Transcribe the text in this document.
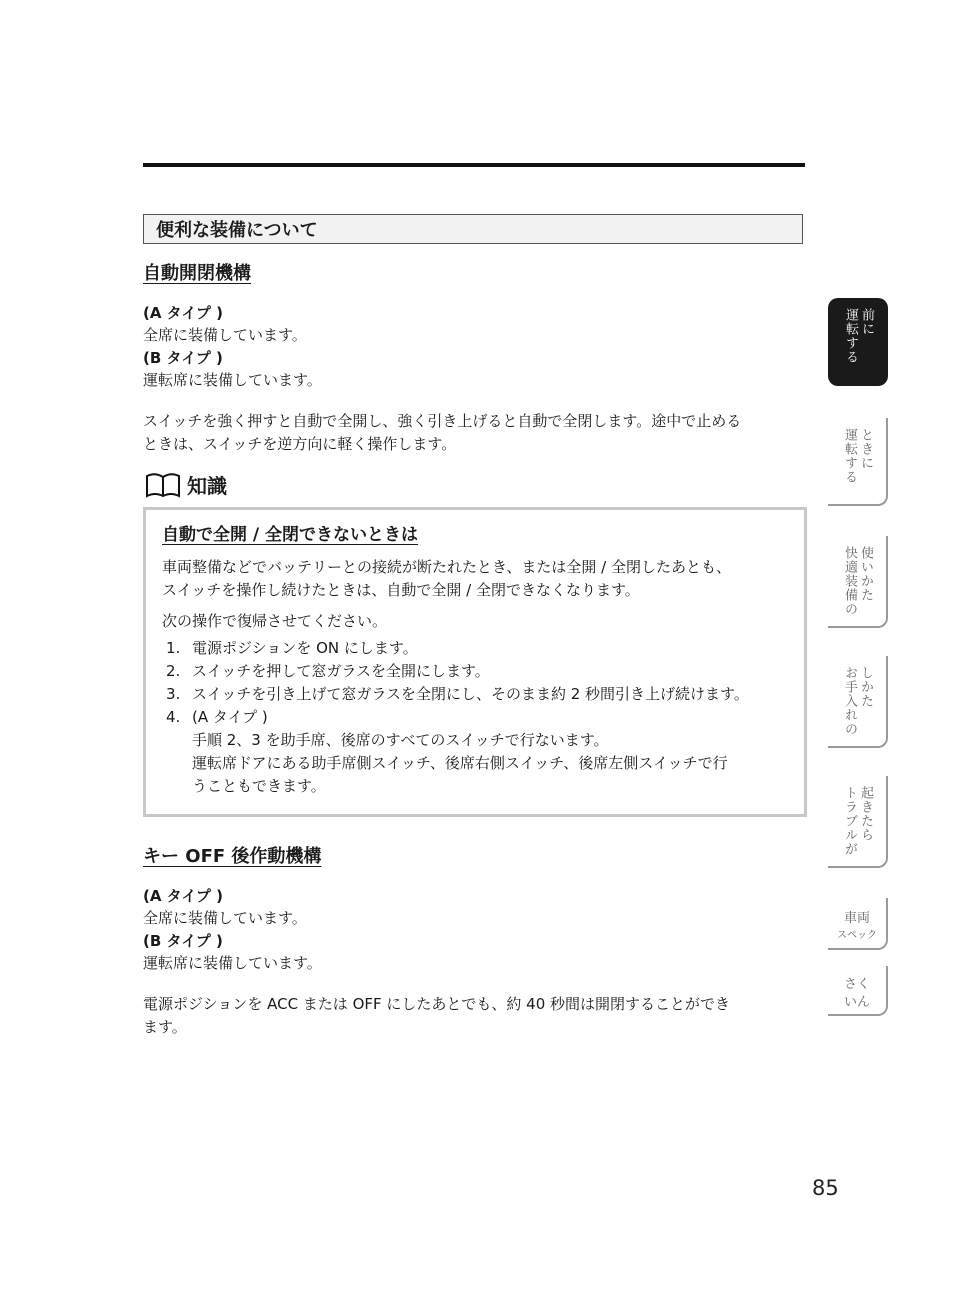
便利な装備について
自動開閉機構
(A タイプ )
全席に装備しています。
(B タイプ )
運転席に装備しています。
スイッチを強く押すと自動で全開し、強く引き上げると自動で全閉します。途中で止める
ときは、スイッチを逆方向に軽く操作します。
知識
自動で全開 / 全閉できないときは
車両整備などでバッテリーとの接続が断たれたとき、または全開 / 全閉したあとも、
スイッチを操作し続けたときは、自動で全開 / 全閉できなくなります。
次の操作で復帰させてください。
1. 電源ポジションを ON にします。
2. スイッチを押して窓ガラスを全開にします。
3. スイッチを引き上げて窓ガラスを全閉にし、そのまま約 2 秒間引き上げ続けます。
4. (A タイプ )
手順 2、3 を助手席、後席のすべてのスイッチで行ないます。
運転席ドアにある助手席側スイッチ、後席右側スイッチ、後席左側スイッチで行
うこともできます。
キー OFF 後作動機構
(A タイプ )
全席に装備しています。
(B タイプ )
運転席に装備しています。
電源ポジションを ACC または OFF にしたあとでも、約 40 秒間は開閉することができ
ます。
運転する 前に
運転する ときに
快適装備の 使いかた
お手入れの しかた
トラブルが 起きたら
車両
スペック
さく
いん
85
